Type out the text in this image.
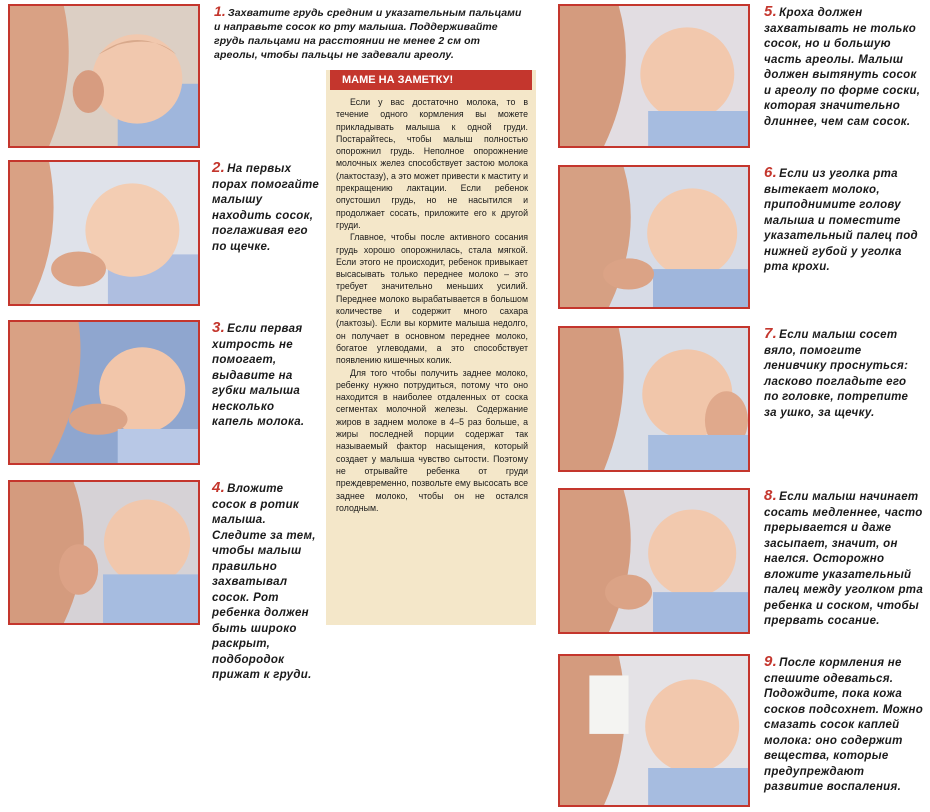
1. Захватите грудь средним и указательным пальцами и направьте сосок ко рту малыша. Поддерживайте грудь пальцами на расстоянии не менее 2 см от ареолы, чтобы пальцы не задевали ареолу.
2. На первых порах помогайте малышу находить сосок, поглаживая его по щечке.
3. Если первая хитрость не помогает, выдавите на губки малыша несколько капель молока.
4. Вложите сосок в ротик малыша. Следите за тем, чтобы малыш правильно захватывал сосок. Рот ребенка должен быть широко раскрыт, подбородок прижат к груди.
5. Кроха должен захватывать не только сосок, но и большую часть ареолы. Малыш должен вытянуть сосок и ареолу по форме соски, которая значительно длиннее, чем сам сосок.
6. Если из уголка рта вытекает молоко, приподнимите голову малыша и поместите указательный палец под нижней губой у уголка рта крохи.
7. Если малыш сосет вяло, помогите ленивчику проснуться: ласково погладьте его по головке, потрепите за ушко, за щечку.
8. Если малыш начинает сосать медленнее, часто прерывается и даже засыпает, значит, он наелся. Осторожно вложите указательный палец между уголком рта ребенка и соском, чтобы прервать сосание.
9. После кормления не спешите одеваться. Подождите, пока кожа сосков подсохнет. Можно смазать сосок каплей молока: оно содержит вещества, которые предупреждают развитие воспаления.
МАМЕ НА ЗАМЕТКУ!

Если у вас достаточно молока, то в течение одного кормления вы можете прикладывать малыша к одной груди. Постарайтесь, чтобы малыш полностью опорожнил грудь. Неполное опорожнение молочных желез способствует застою молока (лактостазу), а это может привести к маститу и прекращению лактации. Если ребенок опустошил грудь, но не насытился и продолжает сосать, приложите его к другой груди.

Главное, чтобы после активного сосания грудь хорошо опорожнилась, стала мягкой. Если этого не происходит, ребенок привыкает высасывать только переднее молоко – это требует значительно меньших усилий. Переднее молоко вырабатывается в большом количестве и содержит много сахара (лактозы). Если вы кормите малыша недолго, он получает в основном переднее молоко, богатое углеводами, а это способствует появлению кишечных колик.

Для того чтобы получить заднее молоко, ребенку нужно потрудиться, потому что оно находится в наиболее отдаленных от соска сегментах молочной железы. Содержание жиров в заднем молоке в 4–5 раз больше, а жиры последней порции содержат так называемый фактор насыщения, который создает у малыша чувство сытости. Поэтому не отрывайте ребенка от груди преждевременно, позвольте ему высосать все заднее молоко, чтобы он не остался голодным.
